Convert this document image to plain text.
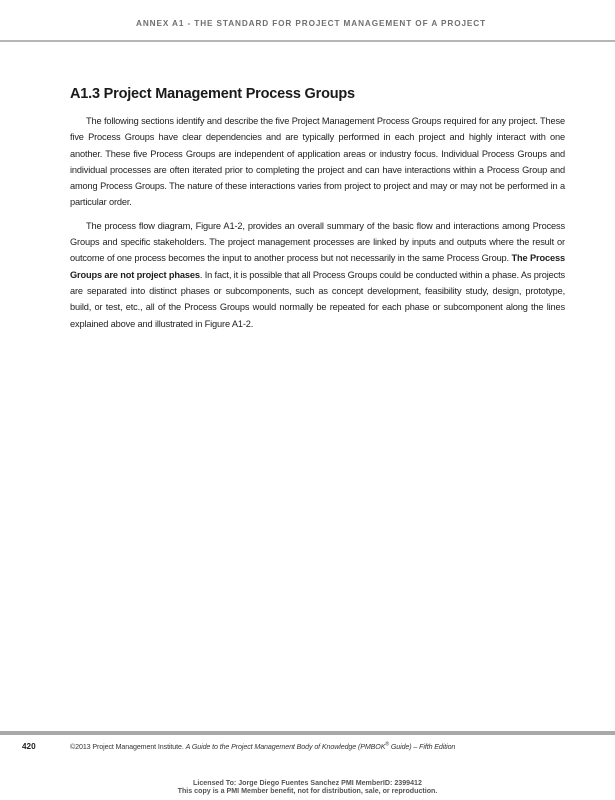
ANNEX A1 - THE STANDARD FOR PROJECT MANAGEMENT OF A PROJECT
A1.3 Project Management Process Groups

The following sections identify and describe the five Project Management Process Groups required for any project. These five Process Groups have clear dependencies and are typically performed in each project and highly interact with one another. These five Process Groups are independent of application areas or industry focus. Individual Process Groups and individual processes are often iterated prior to completing the project and can have interactions within a Process Group and among Process Groups. The nature of these interactions varies from project to project and may or may not be performed in a particular order.

The process flow diagram, Figure A1-2, provides an overall summary of the basic flow and interactions among Process Groups and specific stakeholders. The project management processes are linked by inputs and outputs where the result or outcome of one process becomes the input to another process but not necessarily in the same Process Group. The Process Groups are not project phases. In fact, it is possible that all Process Groups could be conducted within a phase. As projects are separated into distinct phases or subcomponents, such as concept development, feasibility study, design, prototype, build, or test, etc., all of the Process Groups would normally be repeated for each phase or subcomponent along the lines explained above and illustrated in Figure A1-2.

420	©2013 Project Management Institute. A Guide to the Project Management Body of Knowledge (PMBOK® Guide) – Fifth Edition
Licensed To: Jorge Diego Fuentes Sanchez PMI MemberID: 2399412
This copy is a PMI Member benefit, not for distribution, sale, or reproduction.
